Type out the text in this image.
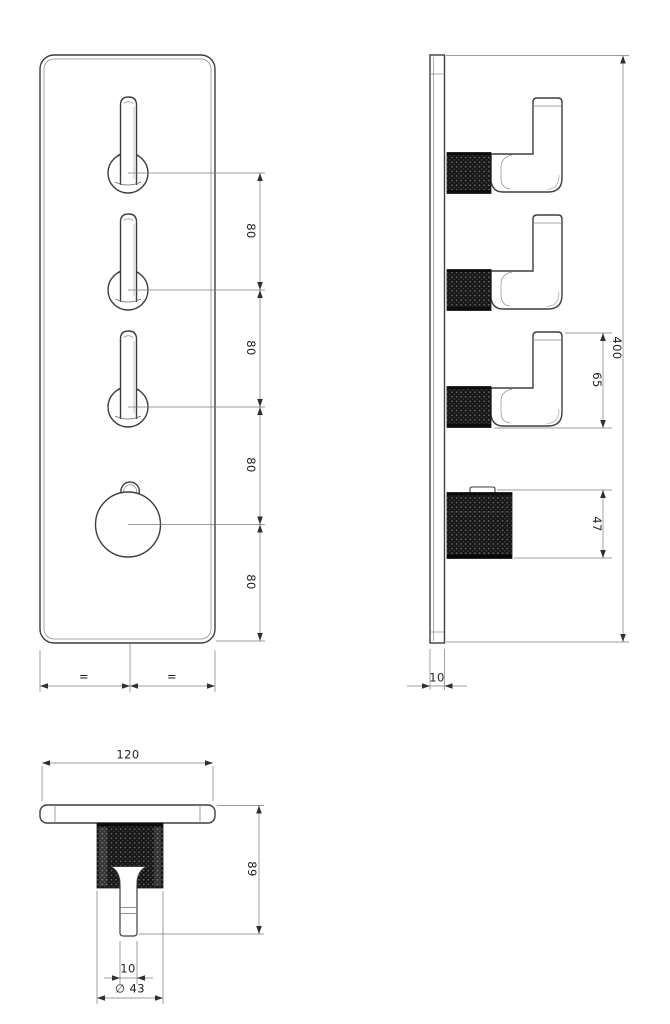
80
80
80
80
=	=
400
65
47
10
120
89
10
∅ 43
